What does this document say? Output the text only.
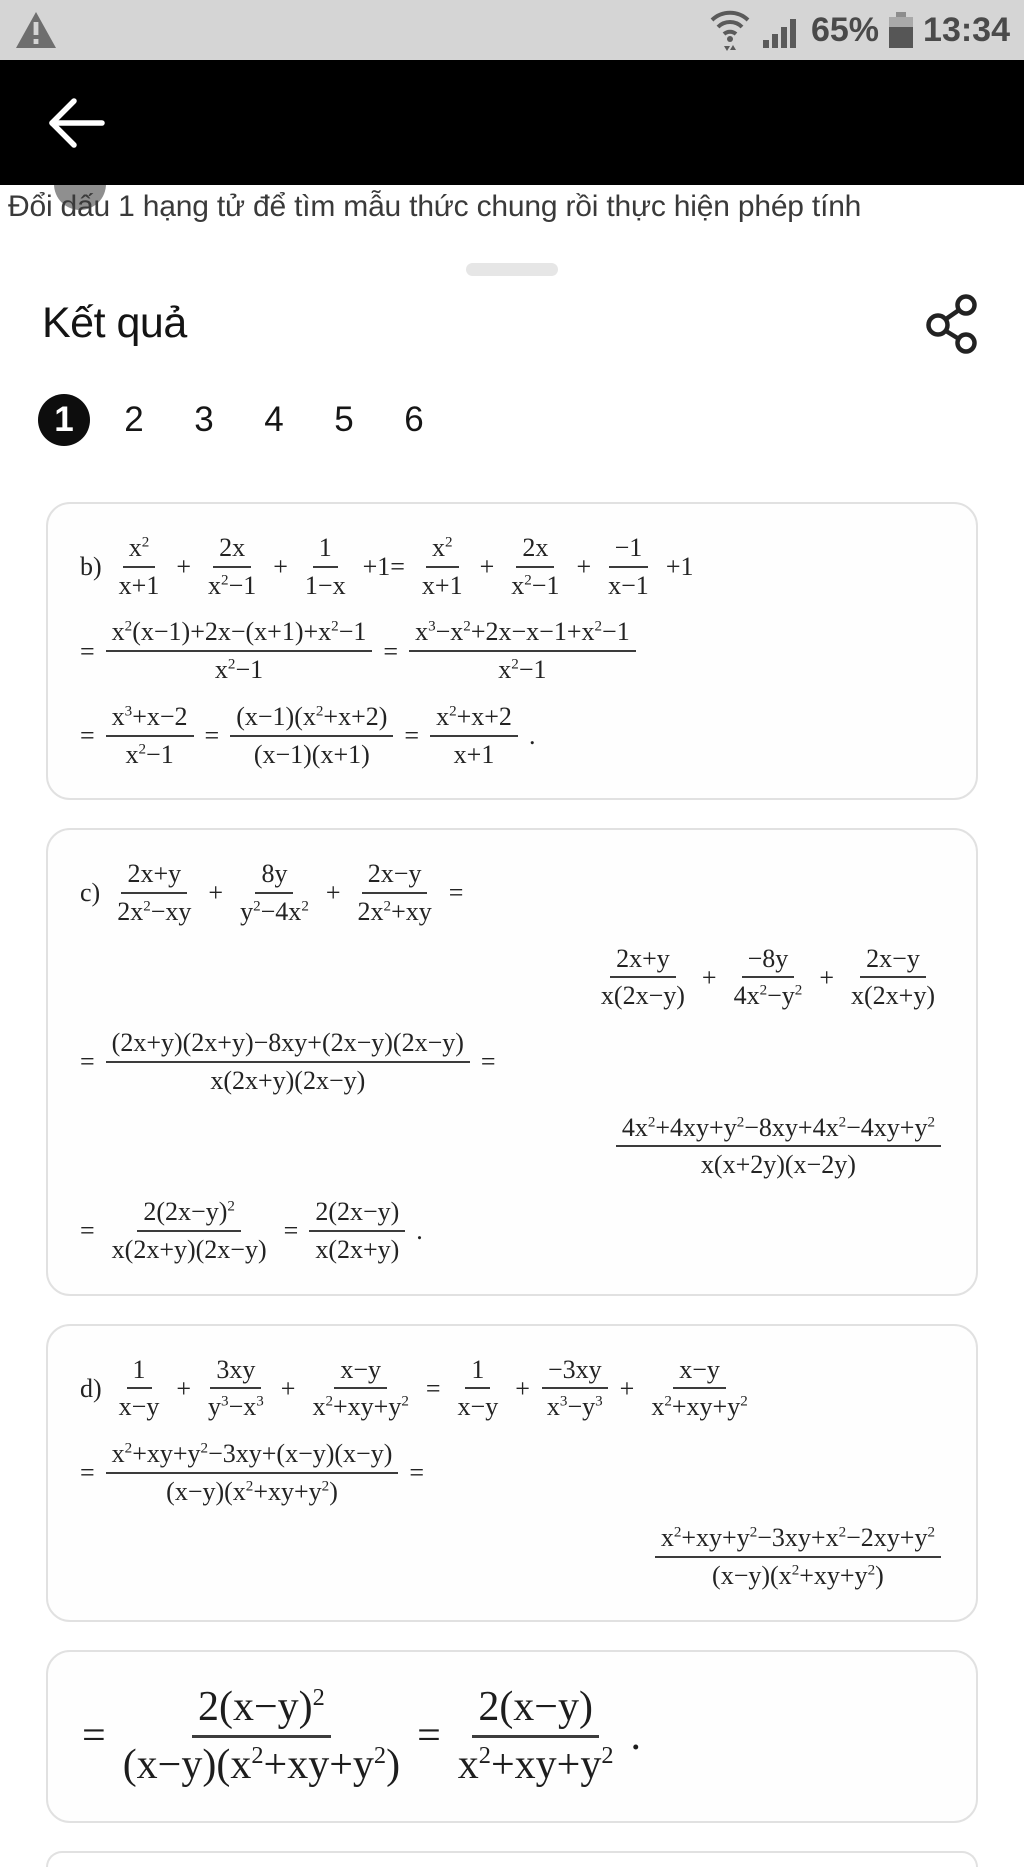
65% 13:34
Đổi dấu 1 hạng tử để tìm mẫu thức chung rồi thực hiện phép tính
Kết quả
1	2	3	4	5	6
$b) \frac{x^2}{x+1} + \frac{2x}{x^2-1} + \frac{1}{1-x} +1= \frac{x^2}{x+1} + \frac{2x}{x^2-1} + \frac{-1}{x-1} +1$
= $\frac{x^2(x-1)+2x-(x+1)+x^2-1}{x^2-1} = \frac{x^3-x^2+2x-x-1+x^2-1}{x^2-1}$
= $\frac{x^3+x-2}{x^2-1} = \frac{(x-1)(x^2+x+2)}{(x-1)(x+1)} = \frac{x^2+x+2}{x+1}$ .
$c) \frac{2x+y}{2x^2-xy} + \frac{8y}{y^2-4x^2} + \frac{2x-y}{2x^2+xy}$ =
$\frac{2x+y}{x(2x-y)} + \frac{-8y}{4x^2-y^2} + \frac{2x-y}{x(2x+y)}$
= $\frac{(2x+y)(2x+y)-8xy+(2x-y)(2x-y)}{x(2x+y)(2x-y)}$ =
$\frac{4x^2+4xy+y^2-8xy+4x^2-4xy+y^2}{x(x+2y)(x-2y)}$
= $\frac{2(2x-y)^2}{x(2x+y)(2x-y)} = \frac{2(2x-y)}{x(2x+y)}$ .
$d) \frac{1}{x-y} + \frac{3xy}{y^3-x^3} + \frac{x-y}{x^2+xy+y^2} = \frac{1}{x-y} + \frac{-3xy}{x^3-y^3} + \frac{x-y}{x^2+xy+y^2}$
= $\frac{x^2+xy+y^2-3xy+(x-y)(x-y)}{(x-y)(x^2+xy+y^2)}$ =
$\frac{x^2+xy+y^2-3xy+x^2-2xy+y^2}{(x-y)(x^2+xy+y^2)}$
= $\frac{2(x-y)^2}{(x-y)(x^2+xy+y^2)} = \frac{2(x-y)}{x^2+xy+y^2}$ .
